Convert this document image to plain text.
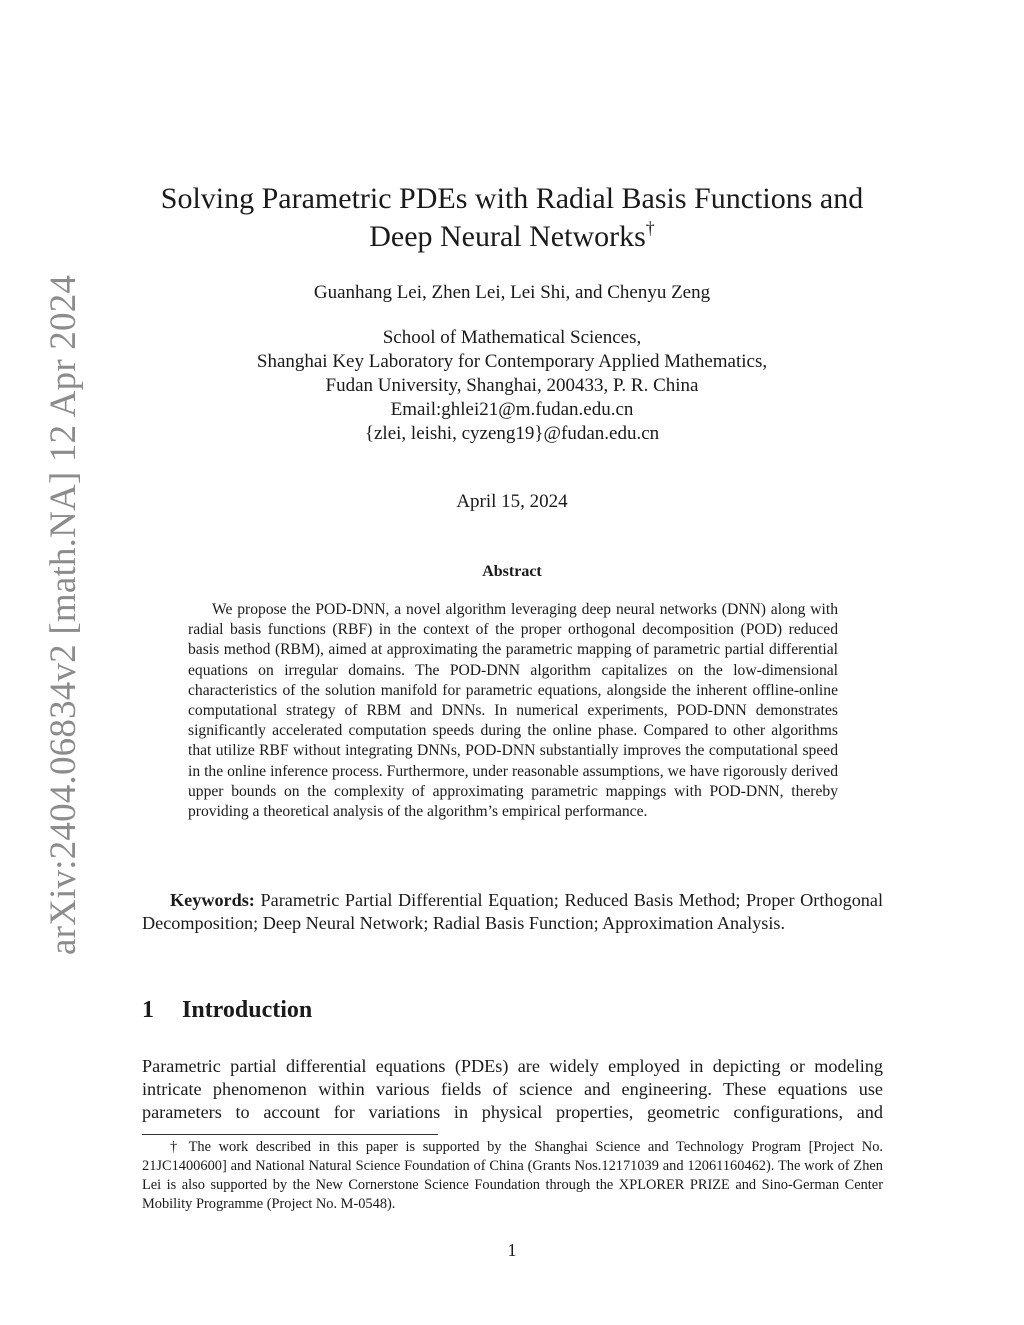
arXiv:2404.06834v2 [math.NA] 12 Apr 2024
Solving Parametric PDEs with Radial Basis Functions and
Deep Neural Networks†
Guanhang Lei, Zhen Lei, Lei Shi, and Chenyu Zeng
School of Mathematical Sciences,
Shanghai Key Laboratory for Contemporary Applied Mathematics,
Fudan University, Shanghai, 200433, P. R. China
Email:ghlei21@m.fudan.edu.cn
{zlei, leishi, cyzeng19}@fudan.edu.cn
April 15, 2024
Abstract
We propose the POD-DNN, a novel algorithm leveraging deep neural networks (DNN) along with radial basis functions (RBF) in the context of the proper orthogonal decomposition (POD) reduced basis method (RBM), aimed at approximating the parametric mapping of parametric partial differential equations on irregular domains. The POD-DNN algorithm capitalizes on the low-dimensional characteristics of the solution manifold for parametric equations, alongside the inherent offline-online computational strategy of RBM and DNNs. In numerical experiments, POD-DNN demonstrates significantly accelerated computation speeds during the online phase. Compared to other algorithms that utilize RBF without integrating DNNs, POD-DNN substantially improves the computational speed in the online inference process. Furthermore, under reasonable assumptions, we have rigorously derived upper bounds on the complexity of approximating parametric mappings with POD-DNN, thereby providing a theoretical analysis of the algorithm’s empirical performance.
Keywords: Parametric Partial Differential Equation; Reduced Basis Method; Proper Orthogonal Decomposition; Deep Neural Network; Radial Basis Function; Approximation Analysis.
1 Introduction
Parametric partial differential equations (PDEs) are widely employed in depicting or modeling intricate phenomenon within various fields of science and engineering. These equations use parameters to account for variations in physical properties, geometric configurations, and
† The work described in this paper is supported by the Shanghai Science and Technology Program [Project No. 21JC1400600] and National Natural Science Foundation of China (Grants Nos.12171039 and 12061160462). The work of Zhen Lei is also supported by the New Cornerstone Science Foundation through the XPLORER PRIZE and Sino-German Center Mobility Programme (Project No. M-0548).
1
